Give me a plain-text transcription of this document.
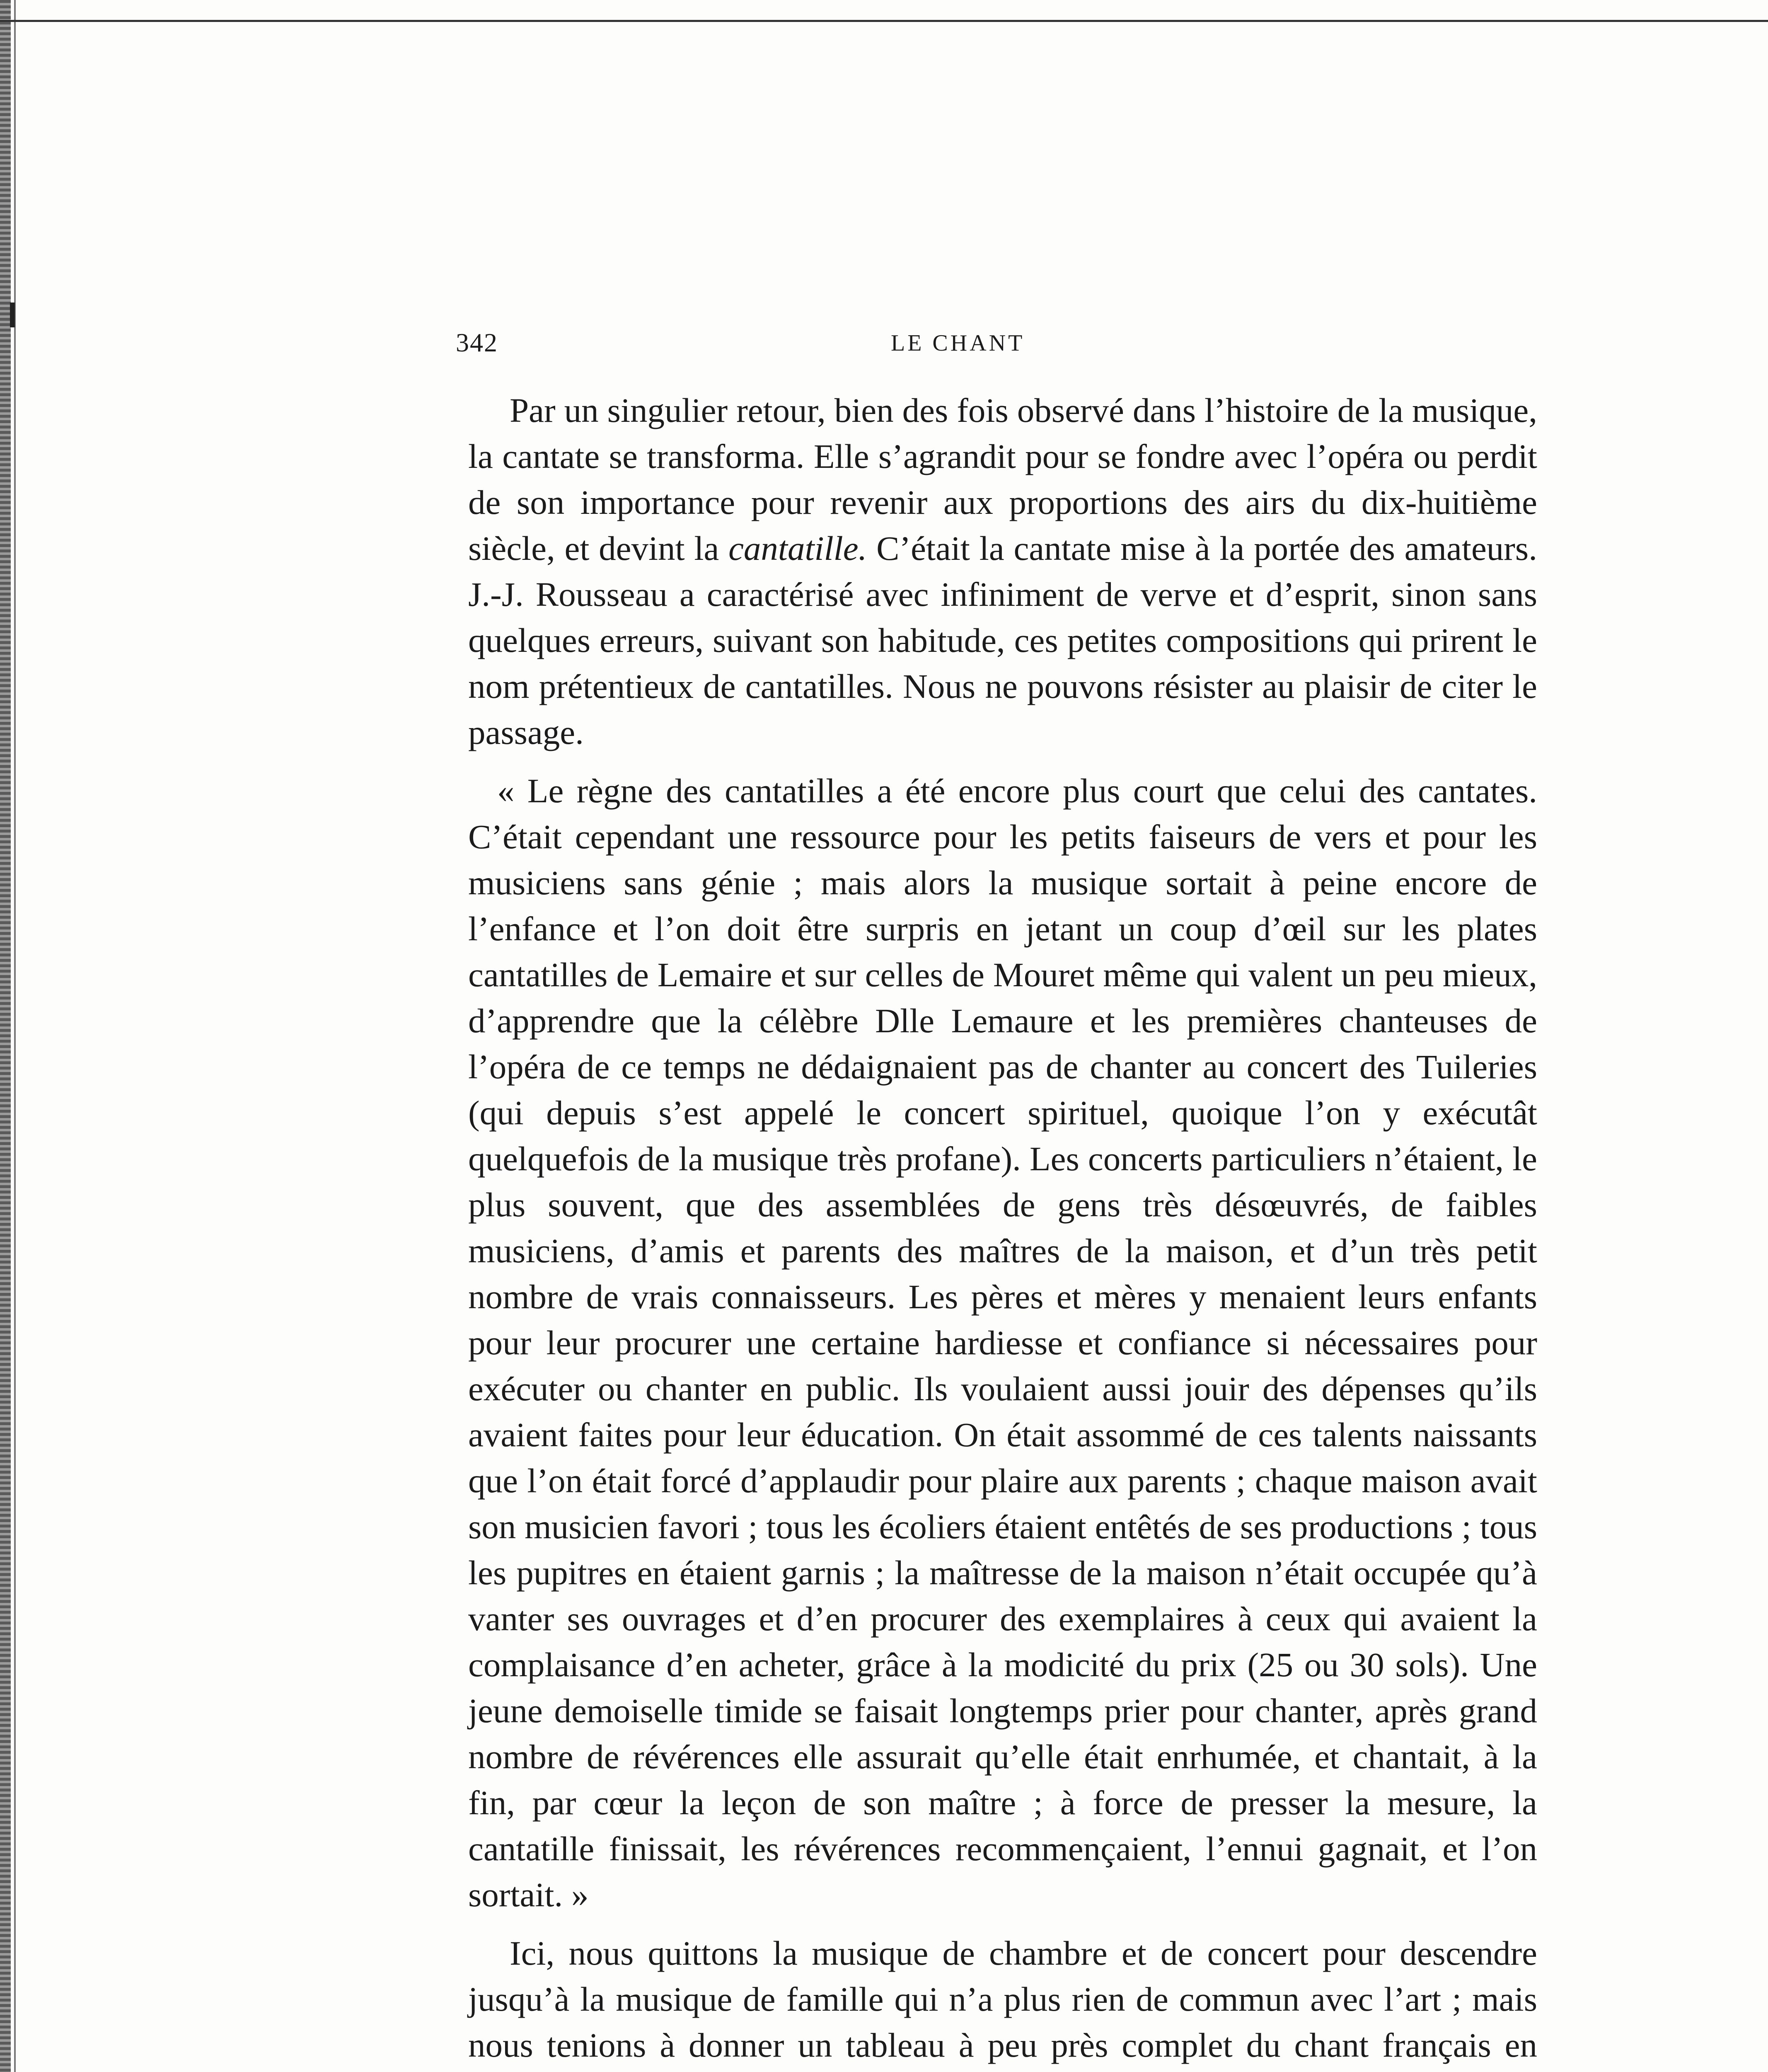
342	LE CHANT

Par un singulier retour, bien des fois observé dans l’histoire de la musique, la cantate se transforma. Elle s’agrandit pour se fondre avec l’opéra ou perdit de son importance pour revenir aux proportions des airs du dix-huitième siècle, et devint la cantatille. C’était la cantate mise à la portée des amateurs. J.-J. Rousseau a caractérisé avec infiniment de verve et d’esprit, sinon sans quelques erreurs, suivant son habitude, ces petites compositions qui prirent le nom prétentieux de cantatilles. Nous ne pouvons résister au plaisir de citer le passage.

« Le règne des cantatilles a été encore plus court que celui des cantates. C’était cependant une ressource pour les petits faiseurs de vers et pour les musiciens sans génie ; mais alors la musique sortait à peine encore de l’enfance et l’on doit être surpris en jetant un coup d’œil sur les plates cantatilles de Lemaire et sur celles de Mouret même qui valent un peu mieux, d’apprendre que la célèbre Dlle Lemaure et les premières chanteuses de l’opéra de ce temps ne dédaignaient pas de chanter au concert des Tuileries (qui depuis s’est appelé le concert spirituel, quoique l’on y exécutât quelquefois de la musique très profane). Les concerts particuliers n’étaient, le plus souvent, que des assemblées de gens très désœuvrés, de faibles musiciens, d’amis et parents des maîtres de la maison, et d’un très petit nombre de vrais connaisseurs. Les pères et mères y menaient leurs enfants pour leur procurer une certaine hardiesse et confiance si nécessaires pour exécuter ou chanter en public. Ils voulaient aussi jouir des dépenses qu’ils avaient faites pour leur éducation. On était assommé de ces talents naissants que l’on était forcé d’applaudir pour plaire aux parents ; chaque maison avait son musicien favori ; tous les écoliers étaient entêtés de ses productions ; tous les pupitres en étaient garnis ; la maîtresse de la maison n’était occupée qu’à vanter ses ouvrages et d’en procurer des exemplaires à ceux qui avaient la complaisance d’en acheter, grâce à la modicité du prix (25 ou 30 sols). Une jeune demoiselle timide se faisait longtemps prier pour chanter, après grand nombre de révérences elle assurait qu’elle était enrhumée, et chantait, à la fin, par cœur la leçon de son maître ; à force de presser la mesure, la cantatille finissait, les révérences recommençaient, l’ennui gagnait, et l’on sortait. »

Ici, nous quittons la musique de chambre et de concert pour descendre jusqu’à la musique de famille qui n’a plus rien de commun avec l’art ; mais nous tenions à donner un tableau à peu près complet du chant français en
